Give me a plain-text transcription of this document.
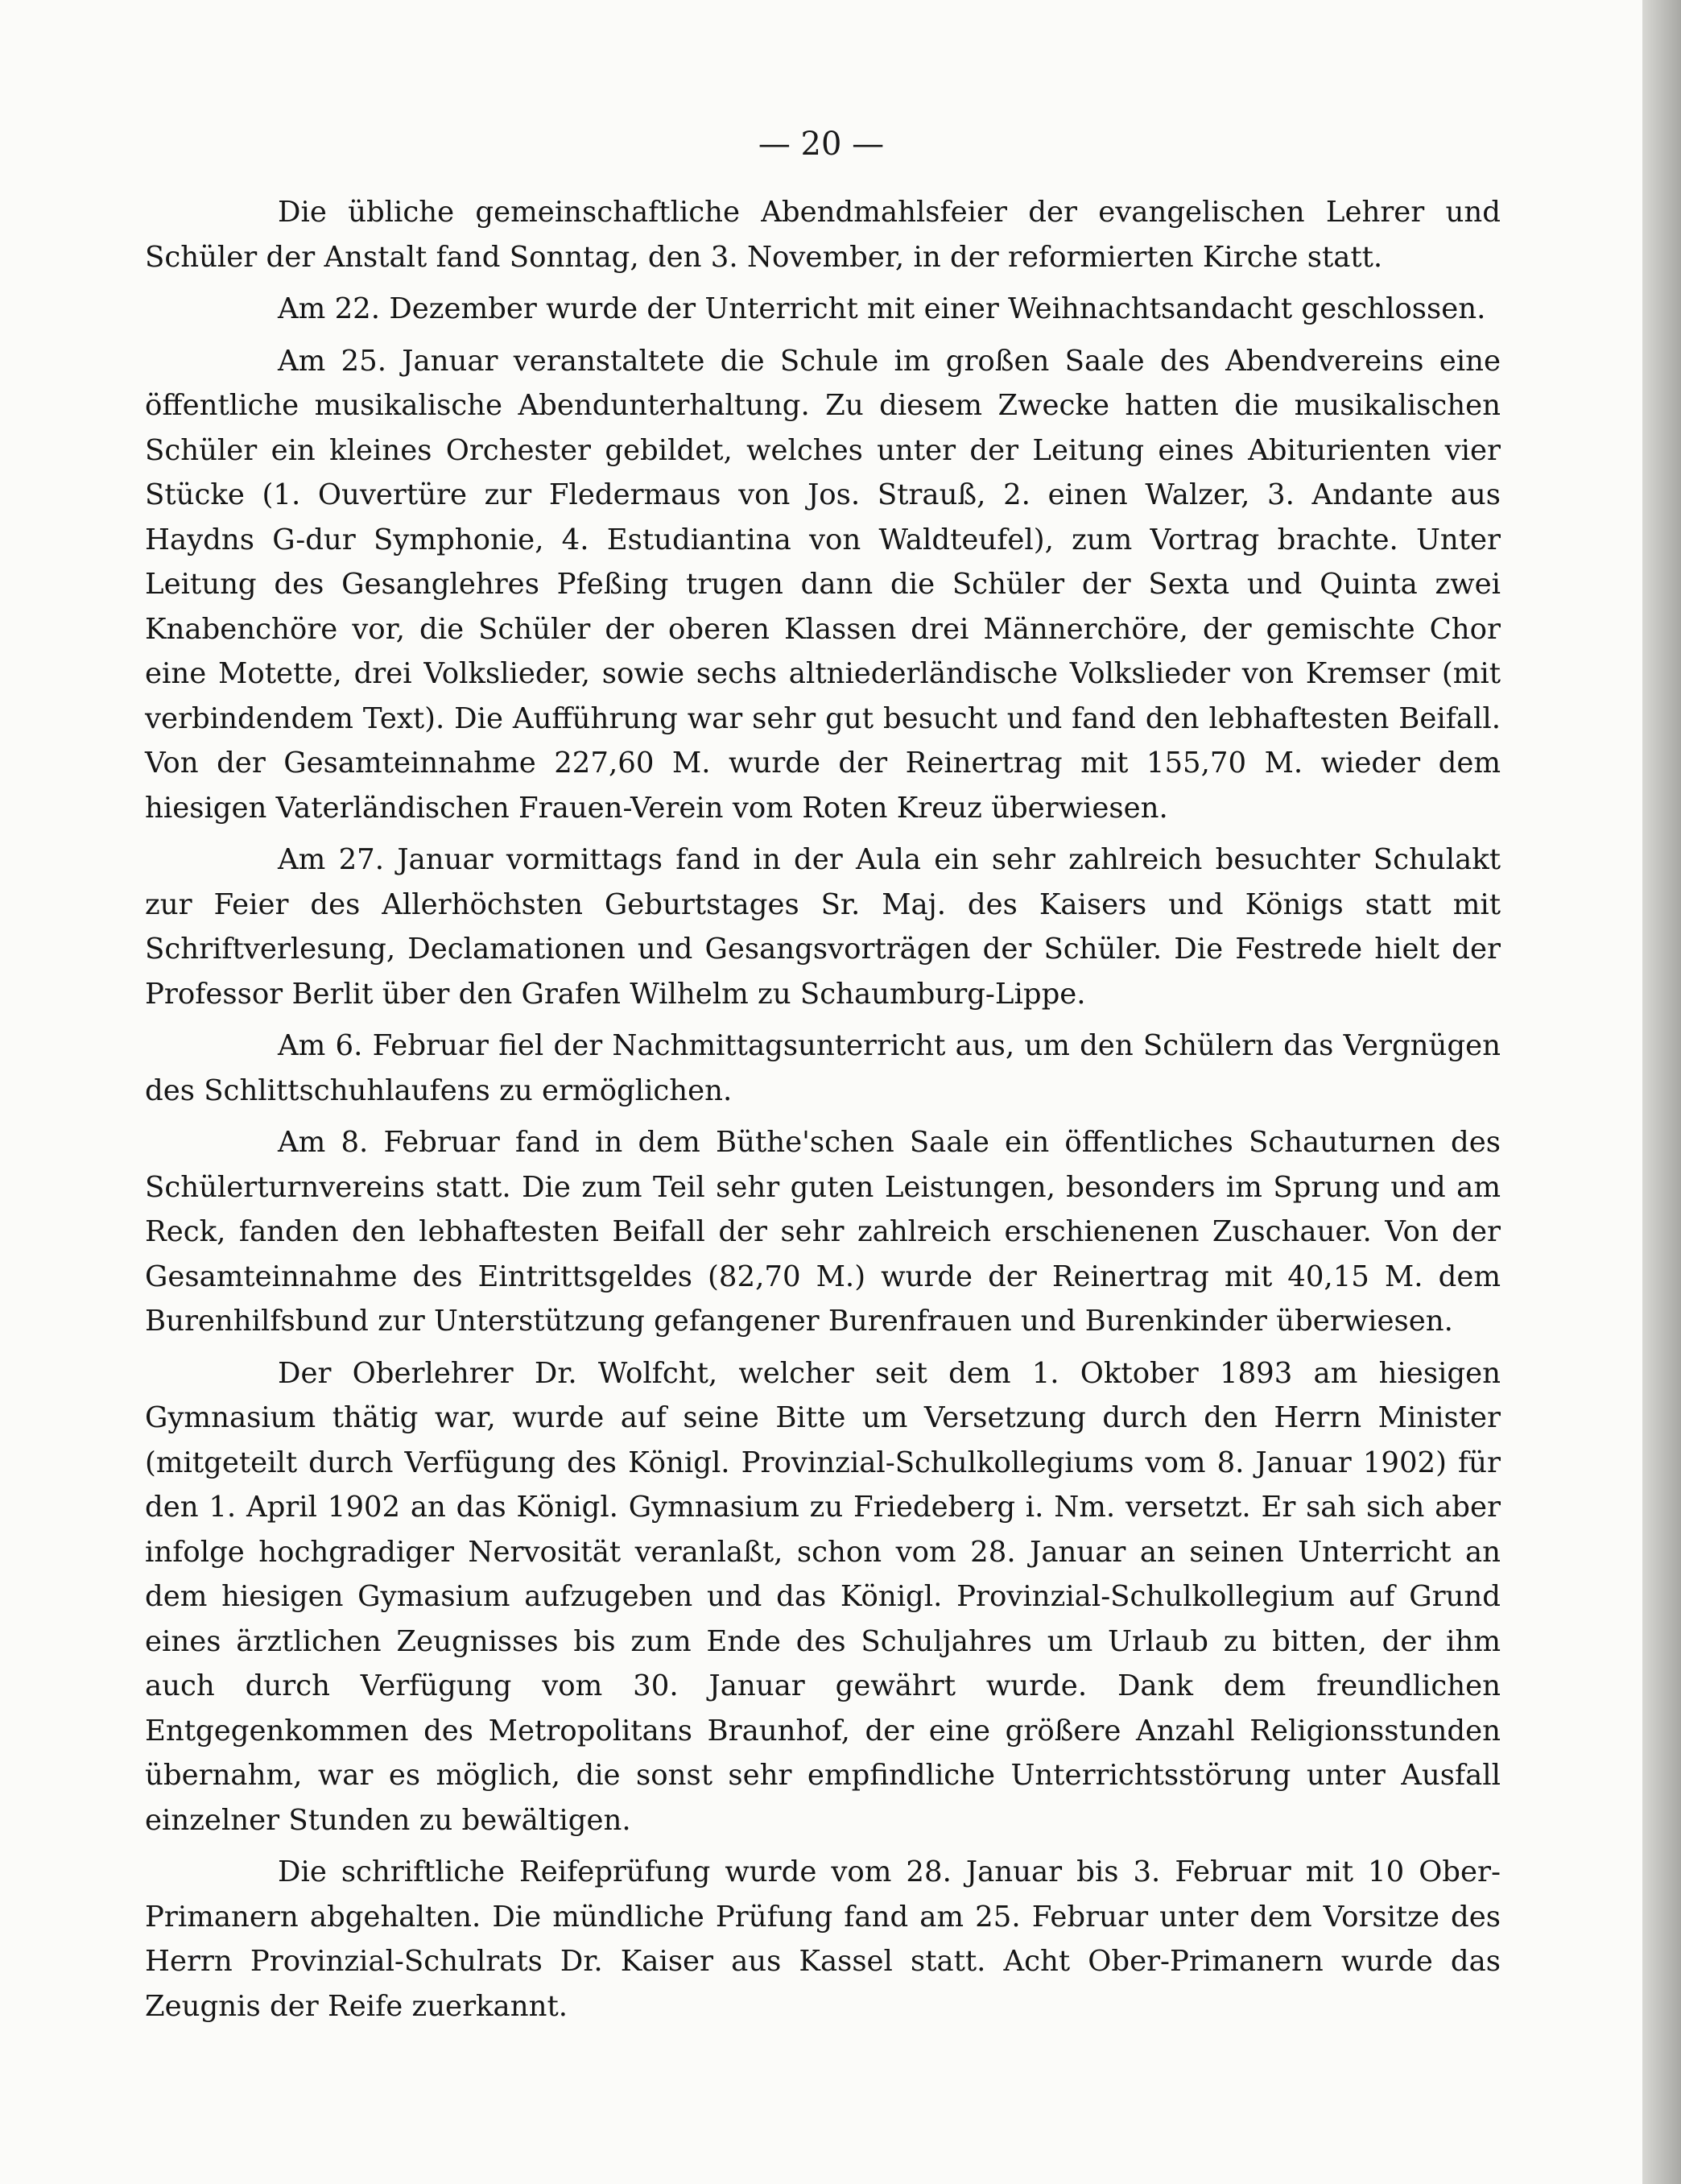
— 20 —

Die übliche gemeinschaftliche Abendmahlsfeier der evangelischen Lehrer und Schüler der Anstalt fand Sonntag, den 3. November, in der reformierten Kirche statt.

Am 22. Dezember wurde der Unterricht mit einer Weihnachtsandacht geschlossen.

Am 25. Januar veranstaltete die Schule im großen Saale des Abendvereins eine öffentliche musikalische Abendunterhaltung. Zu diesem Zwecke hatten die musikalischen Schüler ein kleines Orchester gebildet, welches unter der Leitung eines Abiturienten vier Stücke (1. Ouvertüre zur Fledermaus von Jos. Strauß, 2. einen Walzer, 3. Andante aus Haydns G-dur Symphonie, 4. Estudiantina von Waldteufel), zum Vortrag brachte. Unter Leitung des Gesanglehres Pfeßing trugen dann die Schüler der Sexta und Quinta zwei Knabenchöre vor, die Schüler der oberen Klassen drei Männerchöre, der gemischte Chor eine Motette, drei Volkslieder, sowie sechs altniederländische Volkslieder von Kremser (mit verbindendem Text). Die Aufführung war sehr gut besucht und fand den lebhaftesten Beifall. Von der Gesamteinnahme 227,60 M. wurde der Reinertrag mit 155,70 M. wieder dem hiesigen Vaterländischen Frauen-Verein vom Roten Kreuz überwiesen.

Am 27. Januar vormittags fand in der Aula ein sehr zahlreich besuchter Schulakt zur Feier des Allerhöchsten Geburtstages Sr. Maj. des Kaisers und Königs statt mit Schriftverlesung, Declamationen und Gesangsvorträgen der Schüler. Die Festrede hielt der Professor Berlit über den Grafen Wilhelm zu Schaumburg-Lippe.

Am 6. Februar fiel der Nachmittagsunterricht aus, um den Schülern das Vergnügen des Schlittschuhlaufens zu ermöglichen.

Am 8. Februar fand in dem Büthe'schen Saale ein öffentliches Schauturnen des Schülerturnvereins statt. Die zum Teil sehr guten Leistungen, besonders im Sprung und am Reck, fanden den lebhaftesten Beifall der sehr zahlreich erschienenen Zuschauer. Von der Gesamteinnahme des Eintrittsgeldes (82,70 M.) wurde der Reinertrag mit 40,15 M. dem Burenhilfsbund zur Unterstützung gefangener Burenfrauen und Burenkinder überwiesen.

Der Oberlehrer Dr. Wolfcht, welcher seit dem 1. Oktober 1893 am hiesigen Gymnasium thätig war, wurde auf seine Bitte um Versetzung durch den Herrn Minister (mitgeteilt durch Verfügung des Königl. Provinzial-Schulkollegiums vom 8. Januar 1902) für den 1. April 1902 an das Königl. Gymnasium zu Friedeberg i. Nm. versetzt. Er sah sich aber infolge hochgradiger Nervosität veranlaßt, schon vom 28. Januar an seinen Unterricht an dem hiesigen Gymasium aufzugeben und das Königl. Provinzial-Schulkollegium auf Grund eines ärztlichen Zeugnisses bis zum Ende des Schuljahres um Urlaub zu bitten, der ihm auch durch Verfügung vom 30. Januar gewährt wurde. Dank dem freundlichen Entgegenkommen des Metropolitans Braunhof, der eine größere Anzahl Religionsstunden übernahm, war es möglich, die sonst sehr empfindliche Unterrichtsstörung unter Ausfall einzelner Stunden zu bewältigen.

Die schriftliche Reifeprüfung wurde vom 28. Januar bis 3. Februar mit 10 Ober-Primanern abgehalten. Die mündliche Prüfung fand am 25. Februar unter dem Vorsitze des Herrn Provinzial-Schulrats Dr. Kaiser aus Kassel statt. Acht Ober-Primanern wurde das Zeugnis der Reife zuerkannt.
